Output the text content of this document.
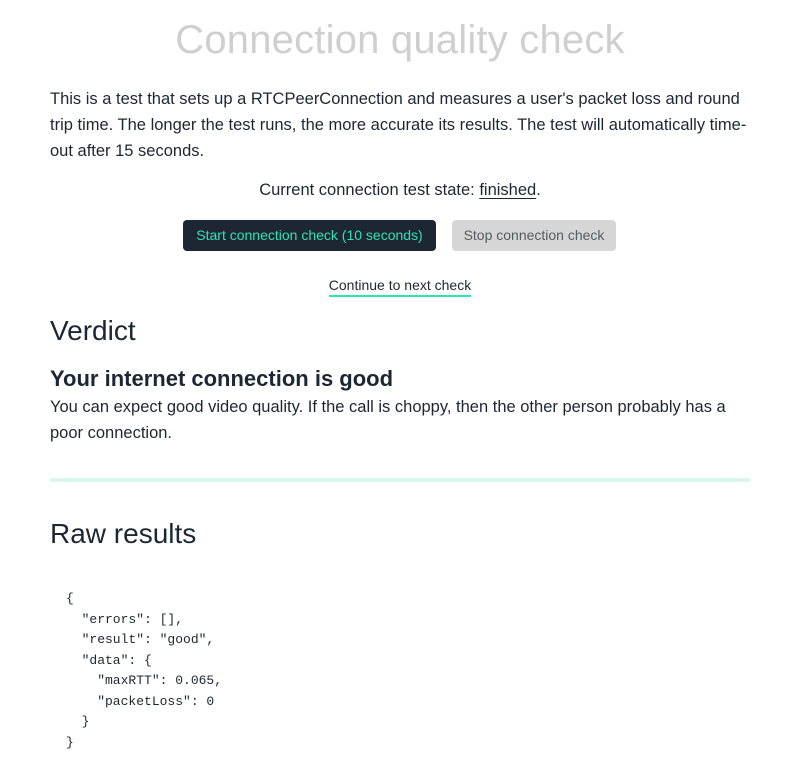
Connection quality check

This is a test that sets up a RTCPeerConnection and measures a user's packet loss and round trip time. The longer the test runs, the more accurate its results. The test will automatically time-out after 15 seconds.

Current connection test state: finished.
Start connection check (10 seconds)	Stop connection check
Continue to next check
Verdict
Your internet connection is good

You can expect good video quality. If the call is choppy, then the other person probably has a poor connection.

Raw results
{
"errors": [],
"result": "good",
"data": {
"maxRTT": 0.065,
"packetLoss": 0
}
}
